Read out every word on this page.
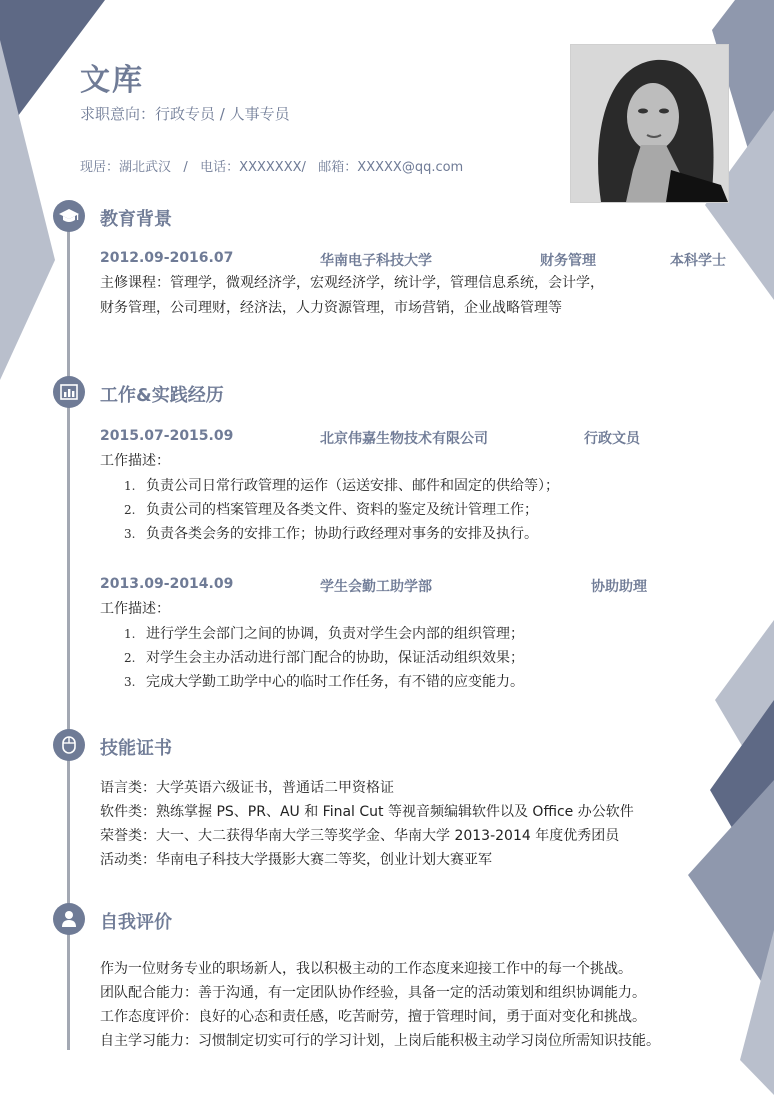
文库
求职意向：行政专员 / 人事专员
现居：湖北武汉   /   电话：XXXXXXX/   邮箱：XXXXX@qq.com
教育背景
2012.09-2016.07	华南电子科技大学	财务管理	本科学士
主修课程：管理学，微观经济学，宏观经济学，统计学，管理信息系统，会计学，
财务管理，公司理财，经济法，人力资源管理，市场营销，企业战略管理等
工作&实践经历
2015.07-2015.09	北京伟嘉生物技术有限公司	行政文员
工作描述：
1. 负责公司日常行政管理的运作（运送安排、邮件和固定的供给等）；
2. 负责公司的档案管理及各类文件、资料的鉴定及统计管理工作；
3. 负责各类会务的安排工作；协助行政经理对事务的安排及执行。
2013.09-2014.09	学生会勤工助学部	协助助理
工作描述：
1. 进行学生会部门之间的协调，负责对学生会内部的组织管理；
2. 对学生会主办活动进行部门配合的协助，保证活动组织效果；
3. 完成大学勤工助学中心的临时工作任务，有不错的应变能力。
技能证书
语言类：大学英语六级证书，普通话二甲资格证
软件类：熟练掌握 PS、PR、AU 和 Final Cut 等视音频编辑软件以及 Office 办公软件
荣誉类：大一、大二获得华南大学三等奖学金、华南大学 2013-2014 年度优秀团员
活动类：华南电子科技大学摄影大赛二等奖，创业计划大赛亚军
自我评价
作为一位财务专业的职场新人，我以积极主动的工作态度来迎接工作中的每一个挑战。
团队配合能力：善于沟通，有一定团队协作经验，具备一定的活动策划和组织协调能力。
工作态度评价：良好的心态和责任感，吃苦耐劳，擅于管理时间，勇于面对变化和挑战。
自主学习能力：习惯制定切实可行的学习计划，上岗后能积极主动学习岗位所需知识技能。
